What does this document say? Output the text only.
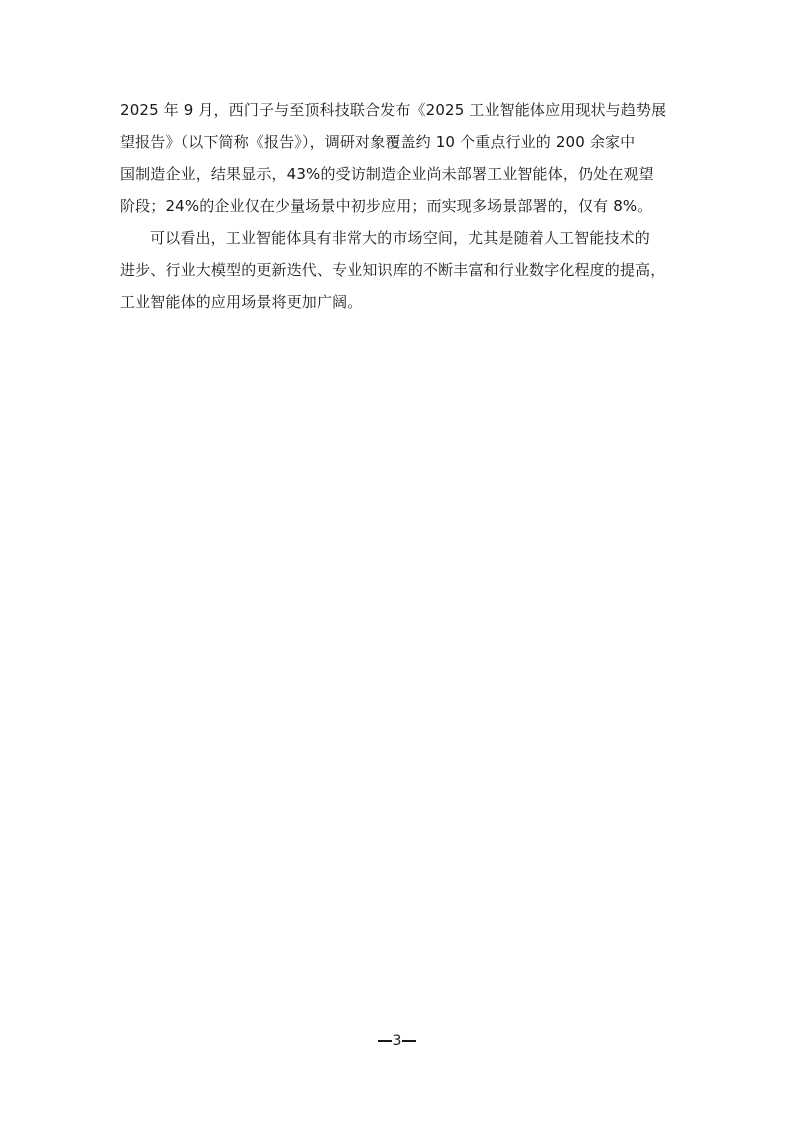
2025 年 9 月，西门子与至顶科技联合发布《2025 工业智能体应用现状与趋势展
望报告》（以下简称《报告》），调研对象覆盖约 10 个重点行业的 200 余家中
国制造企业，结果显示，43%的受访制造企业尚未部署工业智能体，仍处在观望
阶段；24%的企业仅在少量场景中初步应用；而实现多场景部署的，仅有 8%。
可以看出，工业智能体具有非常大的市场空间，尤其是随着人工智能技术的
进步、行业大模型的更新迭代、专业知识库的不断丰富和行业数字化程度的提高，
工业智能体的应用场景将更加广阔。
3
